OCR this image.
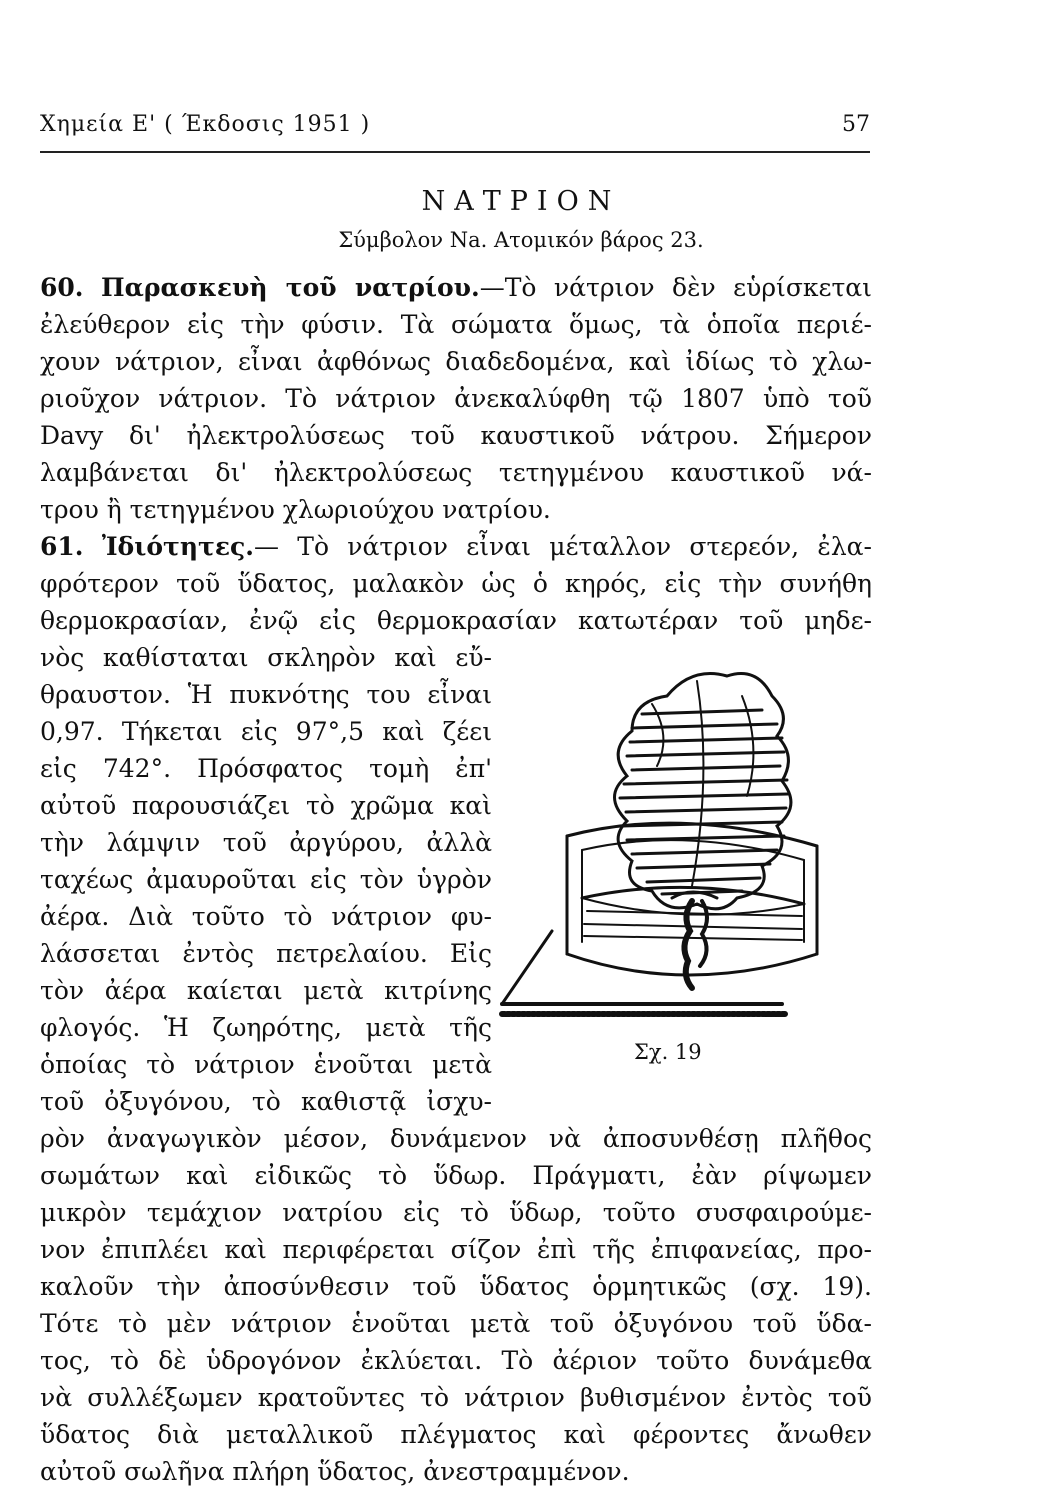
Χημεία Ε' ( Έκδοσις 1951 )	57
ΝΑΤΡΙΟΝ
Σύμβολον Na. Ατομικόν βάρος 23.
60. Παρασκευὴ τοῦ νατρίου.—Τὸ νάτριον δὲν εὑρίσκεται
ἐλεύθερον εἰς τὴν φύσιν. Τὰ σώματα ὅμως, τὰ ὁποῖα περιέ-
χουν νάτριον, εἶναι ἀφθόνως διαδεδομένα, καὶ ἰδίως τὸ χλω-
ριοῦχον νάτριον. Τὸ νάτριον ἀνεκαλύφθη τῷ 1807 ὑπὸ τοῦ
Davy δι' ἠλεκτρολύσεως τοῦ καυστικοῦ νάτρου. Σήμερον
λαμβάνεται δι' ἠλεκτρολύσεως τετηγμένου καυστικοῦ νά-
τρου ἢ τετηγμένου χλωριούχου νατρίου.
61. Ἰδιότητες.— Τὸ νάτριον εἶναι μέταλλον στερεόν, ἐλα-
φρότερον τοῦ ὕδατος, μαλακὸν ὡς ὁ κηρός, εἰς τὴν συνήθη
θερμοκρασίαν, ἐνῷ εἰς θερμοκρασίαν κατωτέραν τοῦ μηδε-
νὸς καθίσταται σκληρὸν καὶ εὔ-
θραυστον. Ἡ πυκνότης του εἶναι
0,97. Τήκεται εἰς 97°,5 καὶ ζέει
εἰς 742°. Πρόσφατος τομὴ ἐπ'
αὐτοῦ παρουσιάζει τὸ χρῶμα καὶ
τὴν λάμψιν τοῦ ἀργύρου, ἀλλὰ
ταχέως ἀμαυροῦται εἰς τὸν ὑγρὸν
ἀέρα. Διὰ τοῦτο τὸ νάτριον φυ-
λάσσεται ἐντὸς πετρελαίου. Εἰς
τὸν ἀέρα καίεται μετὰ κιτρίνης
φλογός. Ἡ ζωηρότης, μετὰ τῆς
ὁποίας τὸ νάτριον ἑνοῦται μετὰ
τοῦ ὀξυγόνου, τὸ καθιστᾷ ἰσχυ-
ρὸν ἀναγωγικὸν μέσον, δυνάμενον νὰ ἀποσυνθέσῃ πλῆθος
σωμάτων καὶ εἰδικῶς τὸ ὕδωρ. Πράγματι, ἐὰν ρίψωμεν
μικρὸν τεμάχιον νατρίου εἰς τὸ ὕδωρ, τοῦτο συσφαιρούμε-
νον ἐπιπλέει καὶ περιφέρεται σίζον ἐπὶ τῆς ἐπιφανείας, προ-
καλοῦν τὴν ἀποσύνθεσιν τοῦ ὕδατος ὁρμητικῶς (σχ. 19).
Τότε τὸ μὲν νάτριον ἑνοῦται μετὰ τοῦ ὀξυγόνου τοῦ ὕδα-
τος, τὸ δὲ ὑδρογόνον ἐκλύεται. Τὸ ἀέριον τοῦτο δυνάμεθα
νὰ συλλέξωμεν κρατοῦντες τὸ νάτριον βυθισμένον ἐντὸς τοῦ
ὕδατος διὰ μεταλλικοῦ πλέγματος καὶ φέροντες ἄνωθεν
αὐτοῦ σωλῆνα πλήρη ὕδατος, ἀνεστραμμένον.
Σχ. 19
